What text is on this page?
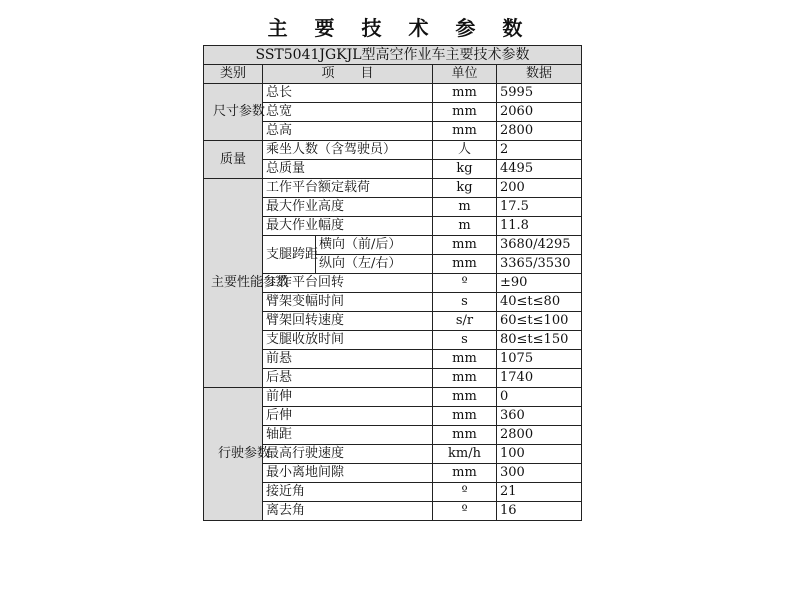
主 要 技 术 参 数
SST5041JGKJL型高空作业车主要技术参数				
类别	项　　目		单位	数据
尺寸参数	总长		mm	5995
	总宽		mm	2060
	总高		mm	2800
质量	乘坐人数（含驾驶员）		人	2
	总质量		kg	4495
主要性能参数	工作平台额定载荷		kg	200
	最大作业高度		m	17.5
	最大作业幅度		m	11.8
	支腿跨距	横向（前/后）	mm	3680/4295
		纵向（左/右）	mm	3365/3530
	工作平台回转		º	±90
	臂架变幅时间		s	40≤t≤80
	臂架回转速度		s/r	60≤t≤100
	支腿收放时间		s	80≤t≤150
	前悬		mm	1075
	后悬		mm	1740
行驶参数	前伸		mm	0
	后伸		mm	360
	轴距		mm	2800
	最高行驶速度		km/h	100
	最小离地间隙		mm	300
	接近角		º	21
	离去角		º	16
